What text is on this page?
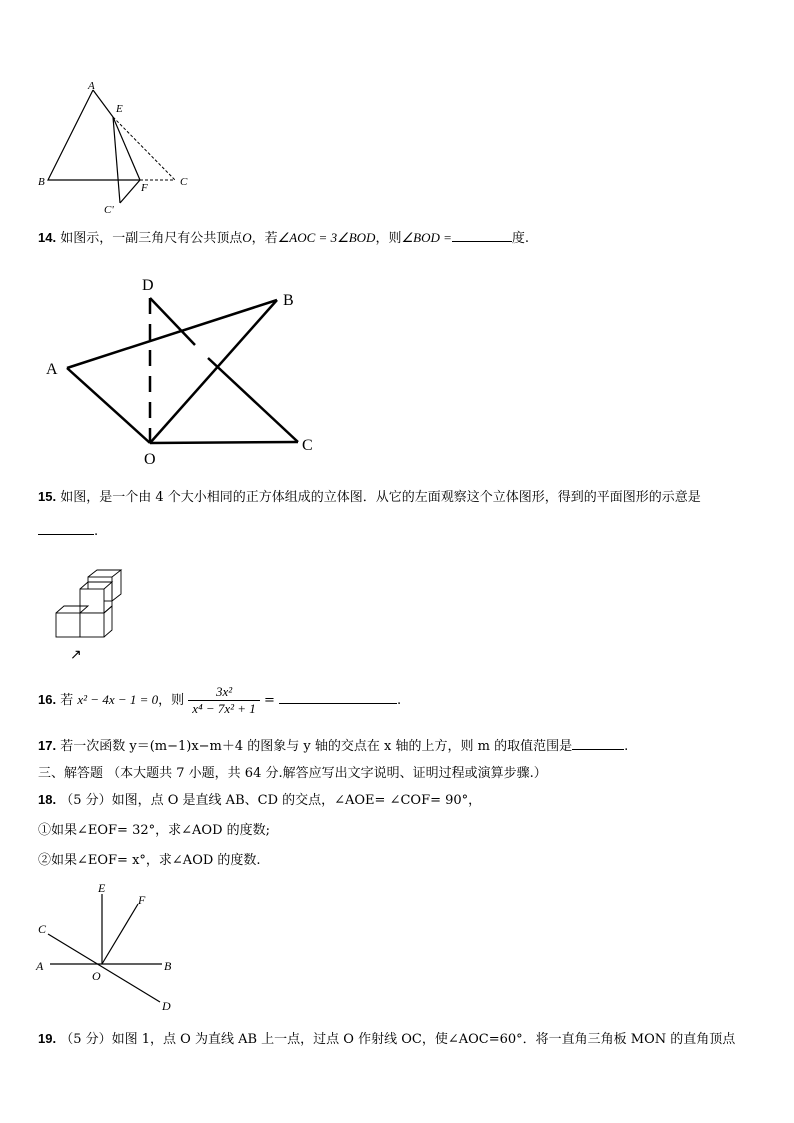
A
E
B	F	C
C'
14. 如图示，一副三角尺有公共顶点O，若∠AOC = 3∠BOD，则∠BOD =	度.
D
B
A
O
C
15. 如图，是一个由 4 个大小相同的正方体组成的立体图．从它的左面观察这个立体图形，得到的平面图形的示意是
.
↗
16. 若 x² − 4x − 1 = 0，则 $\frac{\text{3x²}}{\text{x⁴ − 7x² + 1}}$ =	.
17. 若一次函数 y＝(m−1)x−m＋4 的图象与 y 轴的交点在 x 轴的上方，则 m 的取值范围是	.
三、解答题 （本大题共 7 小题，共 64 分.解答应写出文字说明、证明过程或演算步骤.）
18. （5 分）如图，点 O 是直线 AB、CD 的交点，∠AOE= ∠COF= 90°，
①如果∠EOF= 32°，求∠AOD 的度数;
②如果∠EOF= x°，求∠AOD 的度数.
E
F
C
A
O
B
D
19. （5 分）如图 1，点 O 为直线 AB 上一点，过点 O 作射线 OC，使∠AOC=60°．将一直角三角板 MON 的直角顶点
